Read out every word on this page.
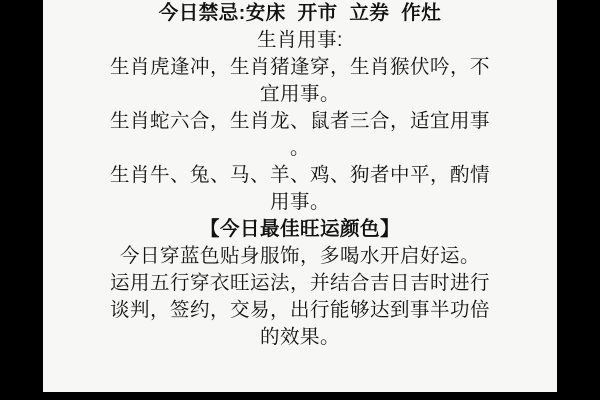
今日禁忌:安床  开市  立券  作灶
生肖用事:
生肖虎逢冲，生肖猪逢穿，生肖猴伏吟，不
宜用事。
生肖蛇六合，生肖龙、鼠者三合，适宜用事
。
生肖牛、兔、马、羊、鸡、狗者中平，酌情
用事。
【今日最佳旺运颜色】
今日穿蓝色贴身服饰，多喝水开启好运。
运用五行穿衣旺运法，并结合吉日吉时进行
谈判，签约，交易，出行能够达到事半功倍
的效果。
